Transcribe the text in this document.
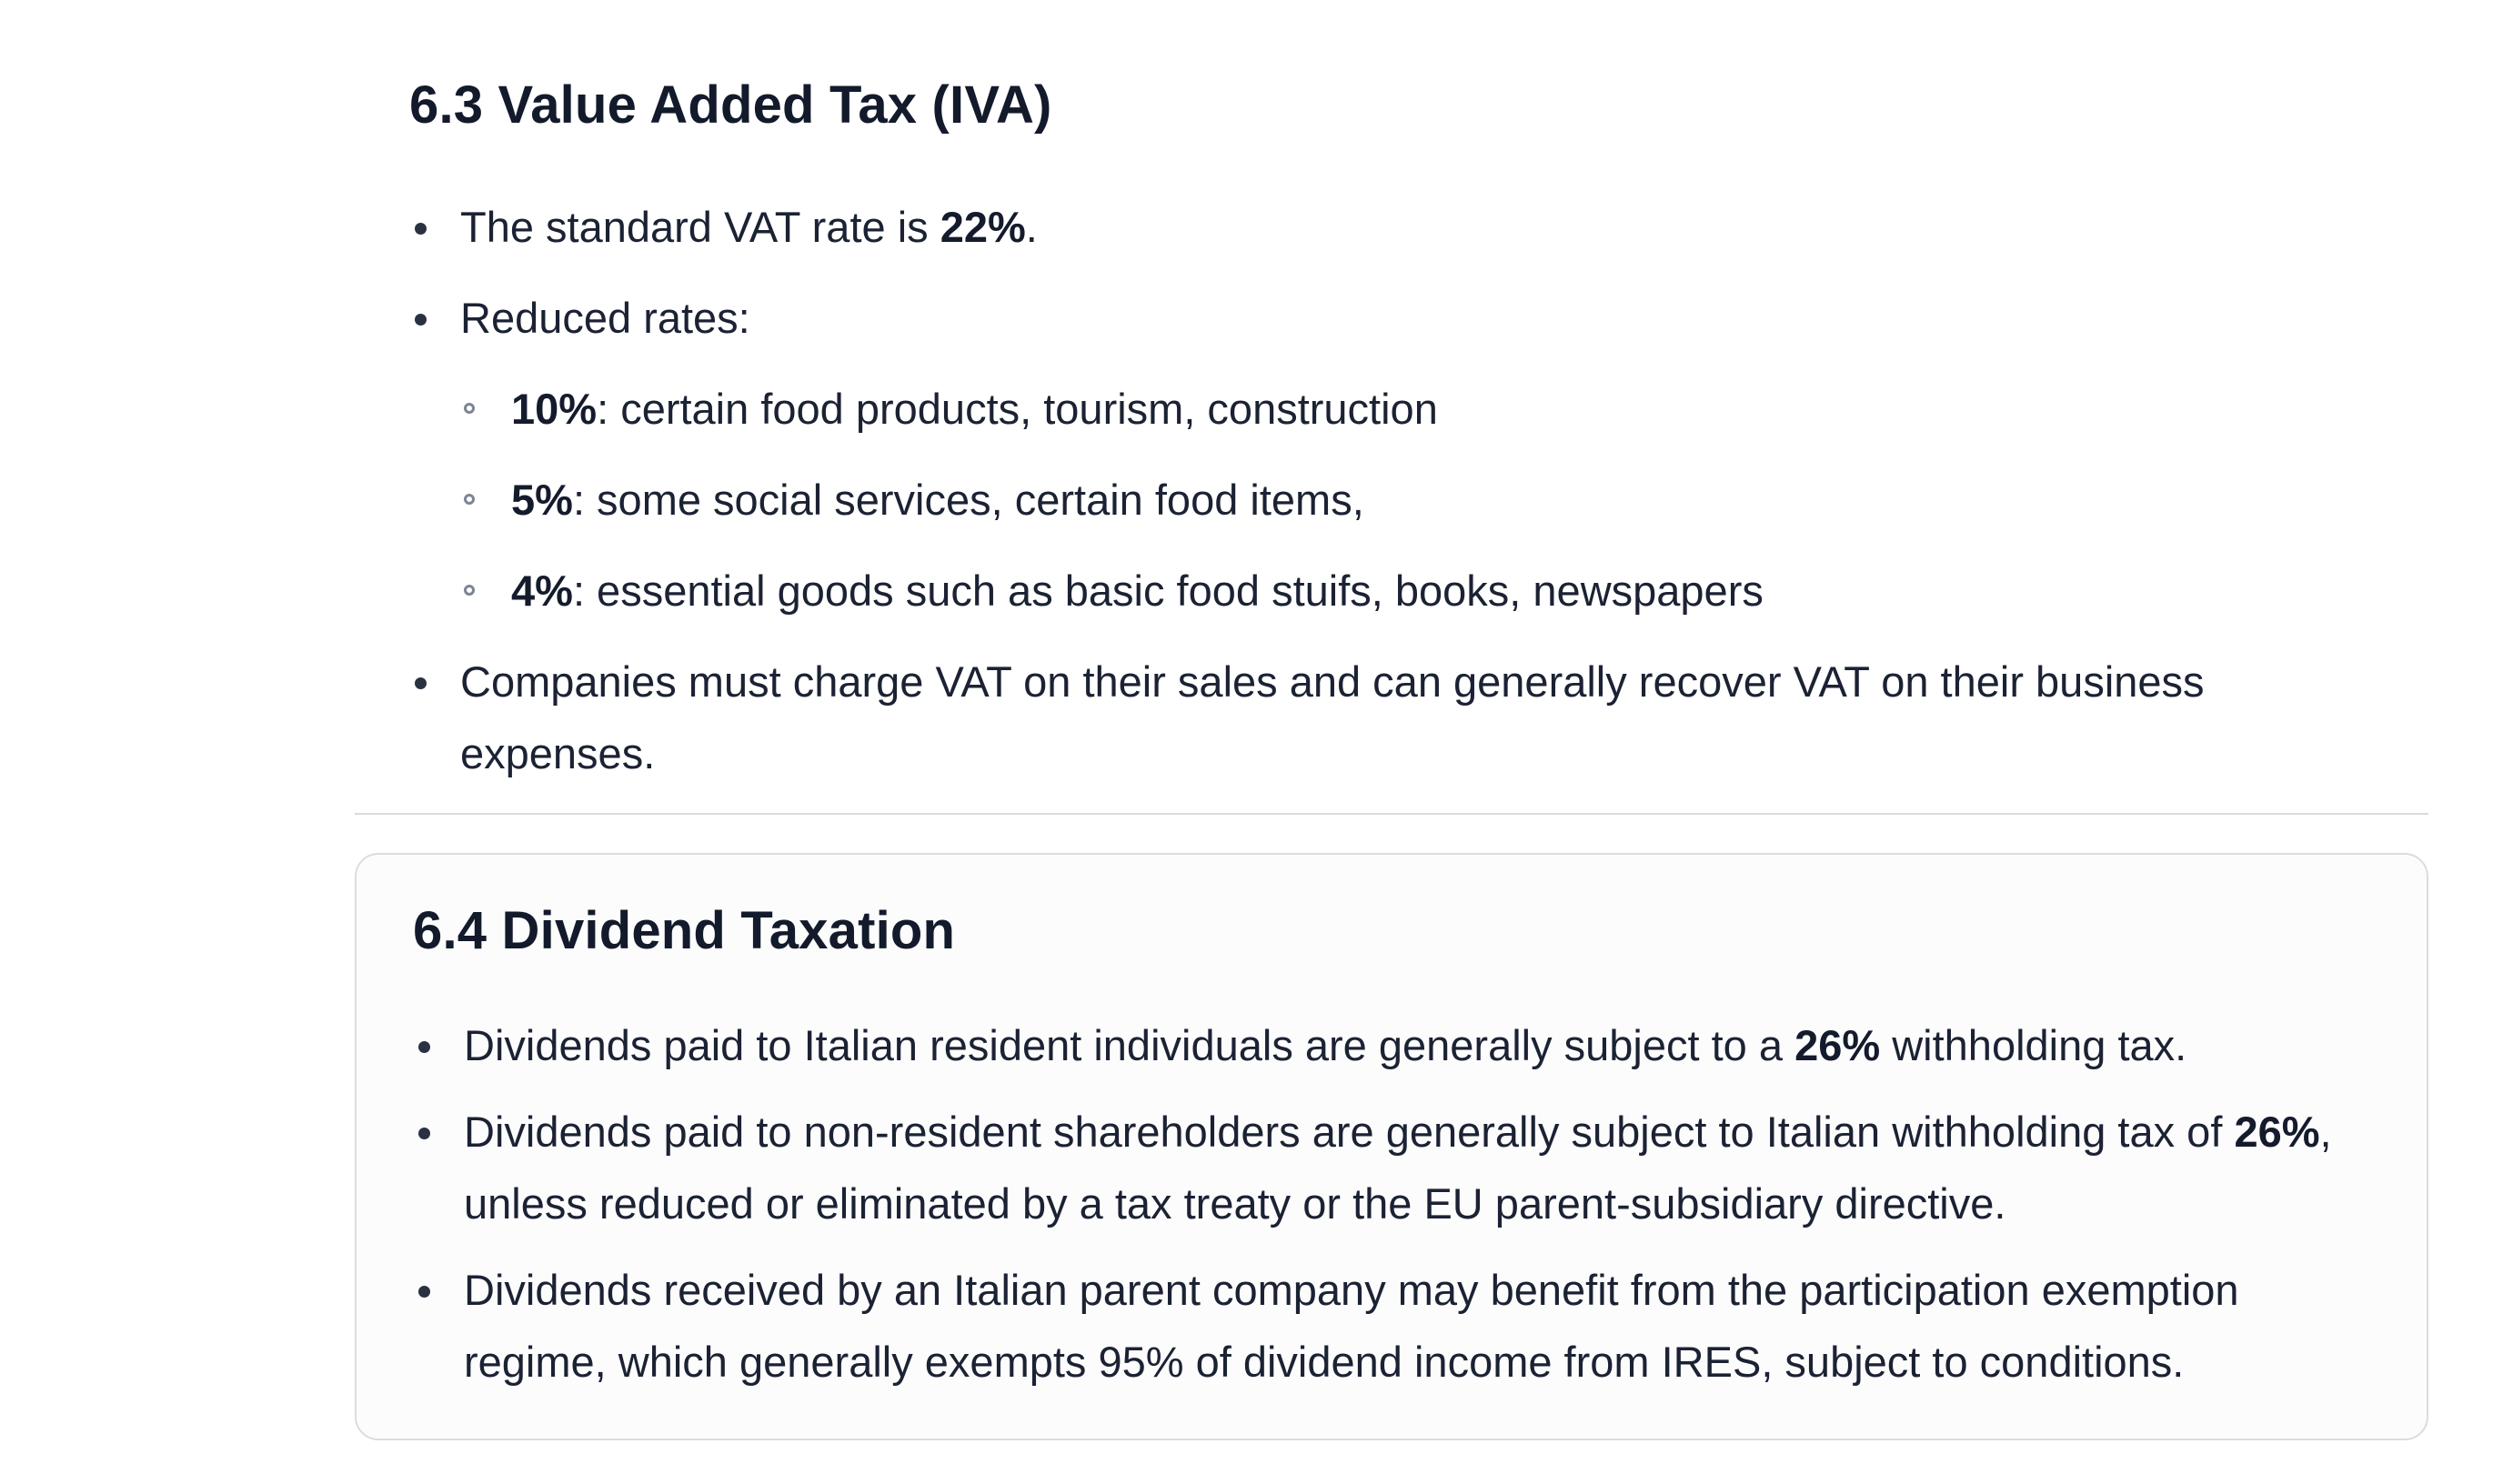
6.3 Value Added Tax (IVA)
The standard VAT rate is 22%.
Reduced rates:
10%: certain food products, tourism, construction
5%: some social services, certain food items,
4%: essential goods such as basic food stuifs, books, newspapers
Companies must charge VAT on their sales and can generally recover VAT on their business expenses.
6.4 Dividend Taxation
Dividends paid to Italian resident individuals are generally subject to a 26% withholding tax.
Dividends paid to non-resident shareholders are generally subject to Italian withholding tax of 26%, unless reduced or eliminated by a tax treaty or the EU parent-subsidiary directive.
Dividends received by an Italian parent company may benefit from the participation exemption regime, which generally exempts 95% of dividend income from IRES, subject to conditions.
